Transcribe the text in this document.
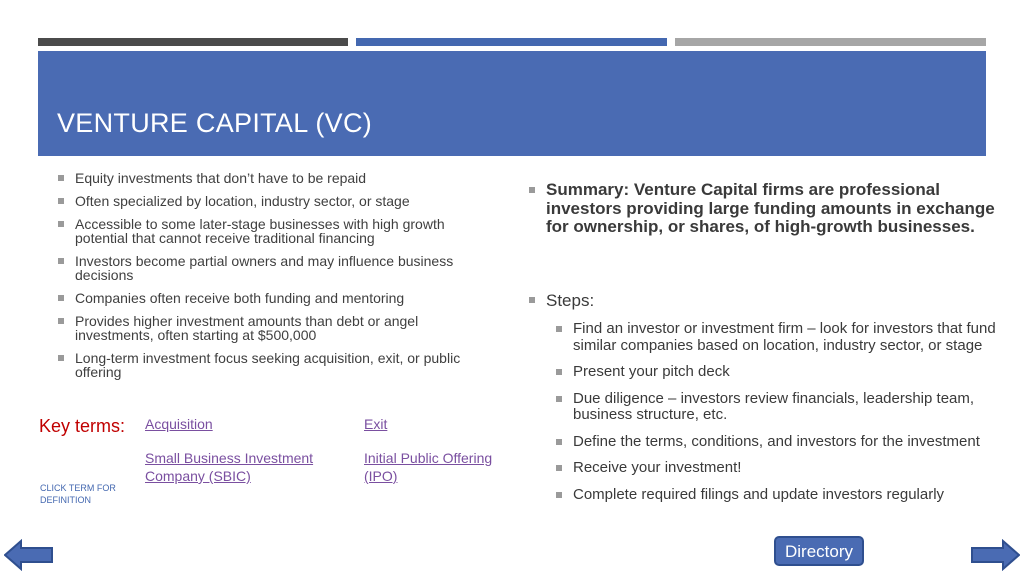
VENTURE CAPITAL (VC)
Equity investments that don’t have to be repaid
Often specialized by location, industry sector, or stage
Accessible to some later-stage businesses with high growth potential that cannot receive traditional financing
Investors become partial owners and may influence business decisions
Companies often receive both funding and mentoring
Provides higher investment amounts than debt or angel investments, often starting at $500,000
Long-term investment focus seeking acquisition, exit, or public offering
Summary: Venture Capital firms are professional investors providing large funding amounts in exchange for ownership, or shares, of high-growth businesses.
Steps:
Find an investor or investment firm – look for investors that fund similar companies based on location, industry sector, or stage
Present your pitch deck
Due diligence – investors review financials, leadership team, business structure, etc.
Define the terms, conditions, and investors for the investment
Receive your investment!
Complete required filings and update investors regularly
Key terms: Acquisition	Exit
Small Business Investment Company (SBIC)
Initial Public Offering (IPO)
CLICK TERM FOR DEFINITION
Directory
